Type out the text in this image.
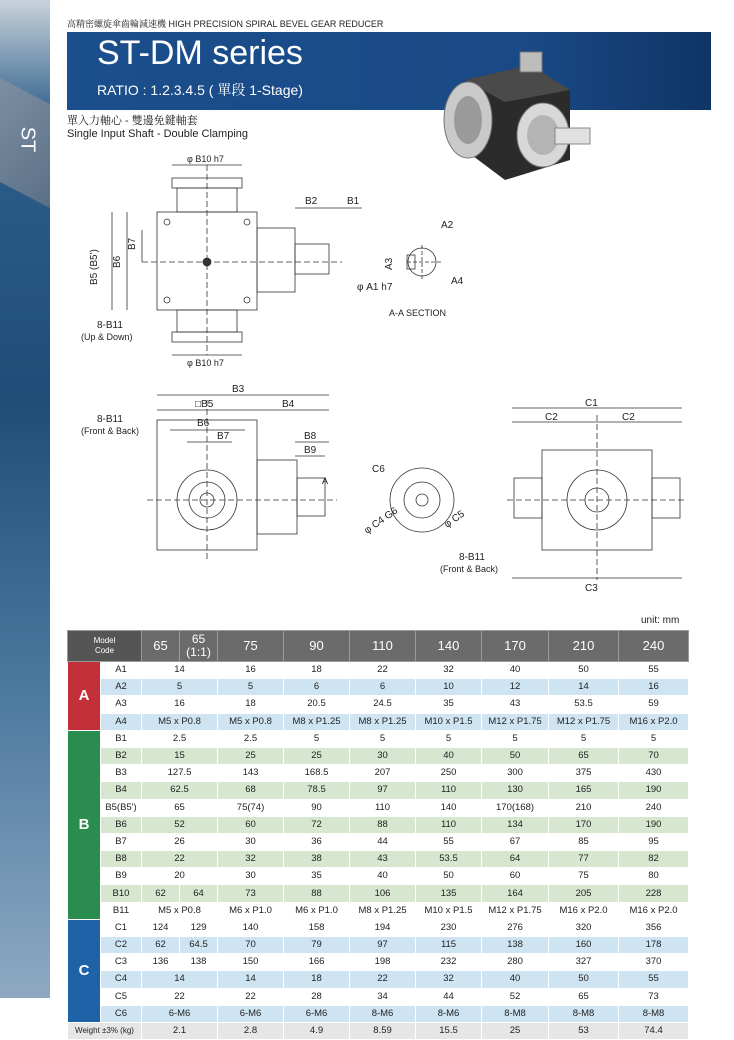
ST
高精密螺旋傘齒輪減速機 HIGH PRECISION SPIRAL BEVEL GEAR REDUCER
ST-DM series
RATIO : 1.2.3.4.5 ( 單段 1-Stage)
單入力軸心 - 雙邊免鍵軸套
Single Input Shaft - Double Clamping
φ B10 h7
φ B10 h7
B2	B1
B7
B6
B5 (B5')
8-B11
(Up & Down)
A2
A3
A4
φ A1 h7
A-A SECTION
B3
□B5	B4
B6
B7	B8
B9
8-B11
(Front & Back)
A
C6
φ C4 G6	φ C5
C1
C2	C2
C3
8-B11
(Front & Back)
unit: mm
Model
Code		65	65 (1:1)	75	90	110	140	170	210	240
A	A1	14		16	18	22	32	40	50	55
	A2	5		5	6	6	10	12	14	16
	A3	16		18	20.5	24.5	35	43	53.5	59
	A4	M5 x P0.8		M5 x P0.8	M8 x P1.25	M8 x P1.25	M10 x P1.5	M12 x P1.75	M12 x P1.75	M16 x P2.0
B	B1	2.5		2.5	5	5	5	5	5	5
	B2	15		25	25	30	40	50	65	70
	B3	127.5		143	168.5	207	250	300	375	430
	B4	62.5		68	78.5	97	110	130	165	190
	B5(B5')	65		75(74)	90	110	140	170(168)	210	240
	B6	52		60	72	88	110	134	170	190
	B7	26		30	36	44	55	67	85	95
	B8	22		32	38	43	53.5	64	77	82
	B9	20		30	35	40	50	60	75	80
	B10	62	64	73	88	106	135	164	205	228
	B11	M5 x P0.8		M6 x P1.0	M6 x P1.0	M8 x P1.25	M10 x P1.5	M12 x P1.75	M16 x P2.0	M16 x P2.0
C	C1	124	129	140	158	194	230	276	320	356
	C2	62	64.5	70	79	97	115	138	160	178
	C3	136	138	150	166	198	232	280	327	370
	C4	14		14	18	22	32	40	50	55
	C5	22		22	28	34	44	52	65	73
	C6	6-M6		6-M6	6-M6	8-M6	8-M6	8-M8	8-M8	8-M8
Weight ±3% (kg)		2.1		2.8	4.9	8.59	15.5	25	53	74.4
